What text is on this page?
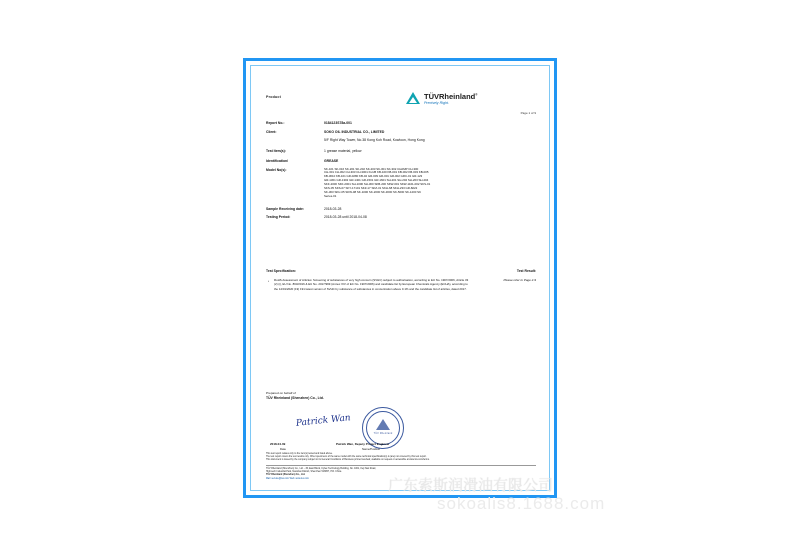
Product	TÜVRheinland®
Precisely Right.
Page 1 of 9
Report No.:	0184123S78a-001
Client:	SOKO OIL INDUSTRIAL CO., LIMITED
5/F Right Way Tower, No.38 Kong Koh Road, Kowloon, Hong Kong
Test Item(s):	1 grease material, yellow
Identification/	GREASE
Model No(s):	SK-101 SK-016 SK-201 SK-202 SK-203 SK-301 SK-302 CHAMP CH-300
CH-301 CH-302 CH-303 CH-3001 KLUB KB-100 KB-001 KB-002 KB-003 KB-005
KB-3010 KB-101 GR-0280 KB-02 GR-009 GR-001 GR-002 GRC-01 GR-123
GR-1301 GR-1302 GR-1401 GR-1501 GR-1601 SH-201 SH-202 SH-203 SH-204
SKF-2000 SKF-2001 SH-1000 SH-300 SKB-200 SKW-001 SKW-1101-002 SKS-01
SKS-05 SKS-07 SKY-17101 SKZ-17 SKZ-31 SKH-68 SKH-233 GR-8222
SK-303 SKU-05 SKW-08 SK-1000 SK-2000 SK-3000 SK-5000 SK-1200 SK
Series-01
Sample Receiving date:	2018-03-28
Testing Period:	2018-03-28 until 2018-04-08
Test Specification:	Test Result:
• RoHS Assessment of Articles: Screening of substances of very high concern (SVHC) subject to authorisation, according to EU No. 1907/2006, Article 33 (2) (i), EU No. 863/2016 & EU No. 2017/999 (Annex XIV of EC No. 1907/2006) and candidate list by European Chemicals Agency (ECHA), according to the 14/01/2020 (19) 191 latest version of SVHC by substance of substances in concentration above 0.1% and the candidate list of articles, dated 2017.
Please refer to Page 2-9
Prepared on behalf of
TÜV Rheinland (Shenzhen) Co., Ltd.
Patrick Wan
TÜV Rheinland
2018-04-09	Patrick Wan, Deputy Project Engineer
Date	Name/Position
This test report relates only to the item(s) tested and listed above.
The test report covers the test results only. Other specimens of the same model with the same technical specification(s) is (are) not covered by this test report.
This document is issued by the company subject to its General Conditions of Business printed overleaf, available on request or accessible at www.tuv.com/terms.
TÜV Rheinland (Shenzhen) Co., Ltd. - 3F, East Block, Cyber-Technology Building, No. 1001, Keji Nan Road,
High-tech Industrial Park, Nanshan District, Shenzhen 518057, P.R. China
TÜV Rheinland (Shenzhen) Co., Ltd.
Mail: service@tuv.com Web: www.tuv.com	广东索斯润滑油有限公司
sokoalis8.1688.com
